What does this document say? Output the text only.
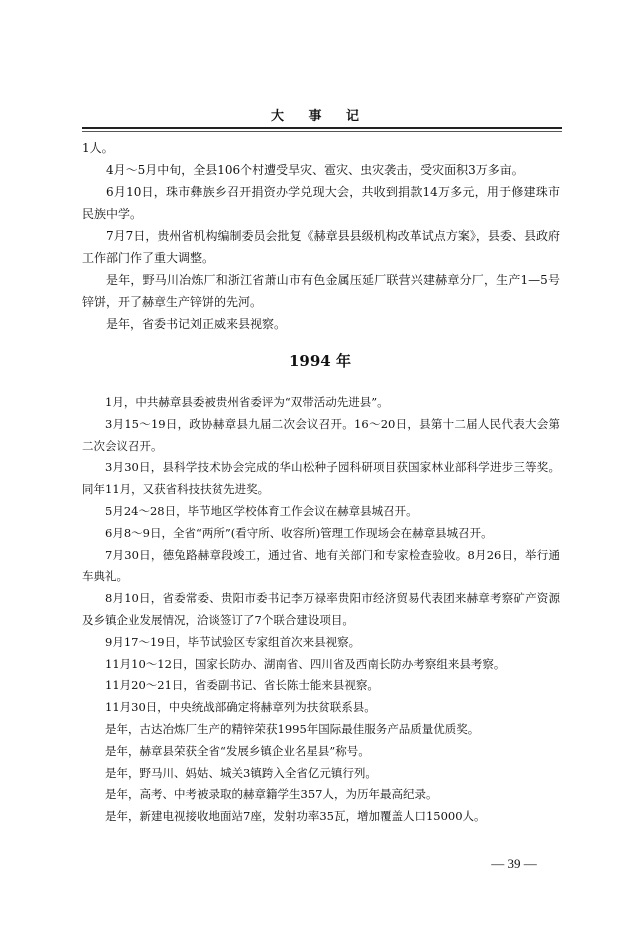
大 事 记

1人。

4月～5月中旬，全县106个村遭受旱灾、雹灾、虫灾袭击，受灾面积3万多亩。

6月10日，珠市彝族乡召开捐资办学兑现大会，共收到捐款14万多元，用于修建珠市民族中学。

7月7日，贵州省机构编制委员会批复《赫章县县级机构改革试点方案》，县委、县政府工作部门作了重大调整。

是年，野马川冶炼厂和浙江省萧山市有色金属压延厂联营兴建赫章分厂，生产1—5号锌饼，开了赫章生产锌饼的先河。

是年，省委书记刘正威来县视察。

1994 年

1月，中共赫章县委被贵州省委评为“双带活动先进县”。

3月15～19日，政协赫章县九届二次会议召开。16～20日，县第十二届人民代表大会第二次会议召开。

3月30日，县科学技术协会完成的华山松种子园科研项目获国家林业部科学进步三等奖。同年11月，又获省科技扶贫先进奖。

5月24～28日，毕节地区学校体育工作会议在赫章县城召开。

6月8～9日，全省“两所”(看守所、收容所)管理工作现场会在赫章县城召开。

7月30日，德兔路赫章段竣工，通过省、地有关部门和专家检查验收。8月26日，举行通车典礼。

8月10日，省委常委、贵阳市委书记李万禄率贵阳市经济贸易代表团来赫章考察矿产资源及乡镇企业发展情况，洽谈签订了7个联合建设项目。

9月17～19日，毕节试验区专家组首次来县视察。

11月10～12日，国家长防办、湖南省、四川省及西南长防办考察组来县考察。

11月20～21日，省委副书记、省长陈士能来县视察。

11月30日，中央统战部确定将赫章列为扶贫联系县。

是年，古达冶炼厂生产的精锌荣获1995年国际最佳服务产品质量优质奖。

是年，赫章县荣获全省“发展乡镇企业名星县”称号。

是年，野马川、妈姑、城关3镇跨入全省亿元镇行列。

是年，高考、中考被录取的赫章籍学生357人，为历年最高纪录。

是年，新建电视接收地面站7座，发射功率35瓦，增加覆盖人口15000人。

— 39 —
